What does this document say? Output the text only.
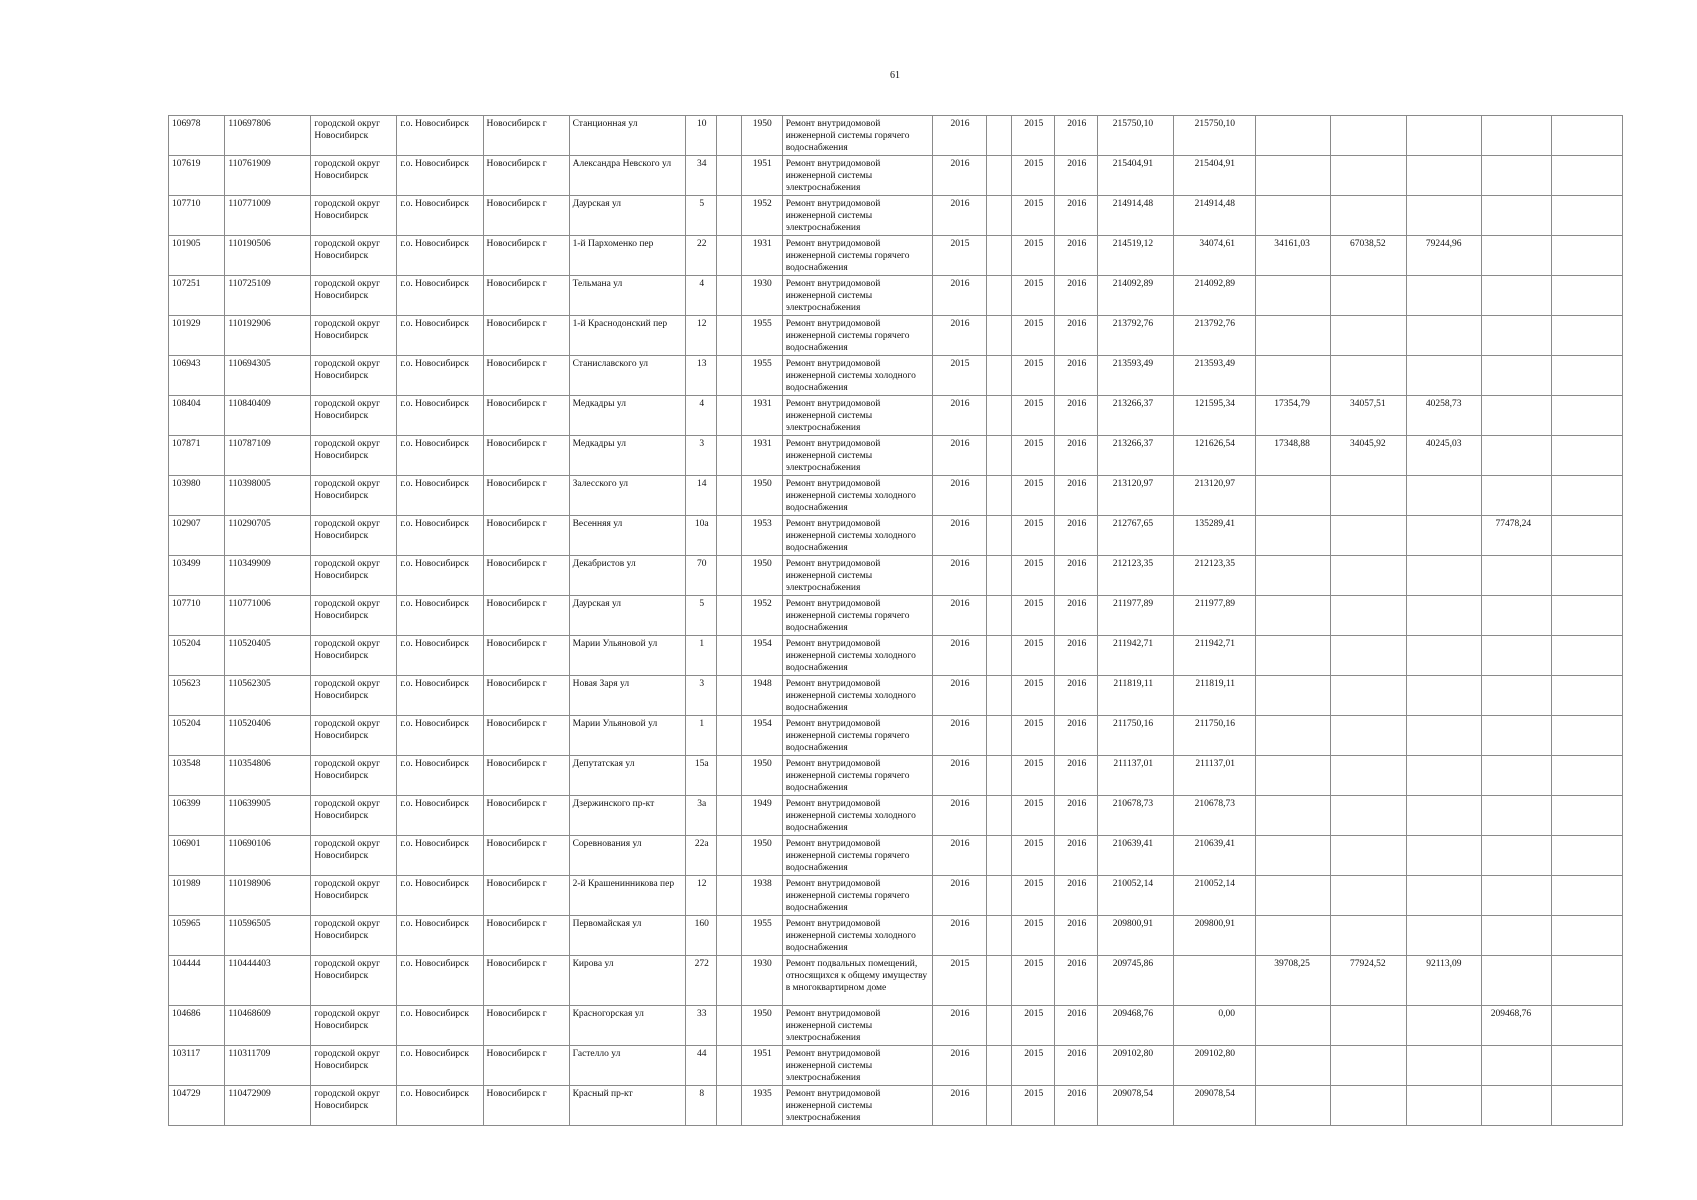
61
106978	110697806	городской округ Новосибирск	г.о. Новосибирск	Новосибирск г	Станционная ул	10		1950	Ремонт внутридомовой инженерной системы горячего водоснабжения	2016		2015	2016	215750,10	215750,10					
107619	110761909	городской округ Новосибирск	г.о. Новосибирск	Новосибирск г	Александра Невского ул	34		1951	Ремонт внутридомовой инженерной системы электроснабжения	2016		2015	2016	215404,91	215404,91					
107710	110771009	городской округ Новосибирск	г.о. Новосибирск	Новосибирск г	Даурская ул	5		1952	Ремонт внутридомовой инженерной системы электроснабжения	2016		2015	2016	214914,48	214914,48					
101905	110190506	городской округ Новосибирск	г.о. Новосибирск	Новосибирск г	1-й Пархоменко пер	22		1931	Ремонт внутридомовой инженерной системы горячего водоснабжения	2015		2015	2016	214519,12	34074,61	34161,03	67038,52	79244,96		
107251	110725109	городской округ Новосибирск	г.о. Новосибирск	Новосибирск г	Тельмана ул	4		1930	Ремонт внутридомовой инженерной системы электроснабжения	2016		2015	2016	214092,89	214092,89					
101929	110192906	городской округ Новосибирск	г.о. Новосибирск	Новосибирск г	1-й Краснодонский пер	12		1955	Ремонт внутридомовой инженерной системы горячего водоснабжения	2016		2015	2016	213792,76	213792,76					
106943	110694305	городской округ Новосибирск	г.о. Новосибирск	Новосибирск г	Станиславского ул	13		1955	Ремонт внутридомовой инженерной системы холодного водоснабжения	2015		2015	2016	213593,49	213593,49					
108404	110840409	городской округ Новосибирск	г.о. Новосибирск	Новосибирск г	Медкадры ул	4		1931	Ремонт внутридомовой инженерной системы электроснабжения	2016		2015	2016	213266,37	121595,34	17354,79	34057,51	40258,73		
107871	110787109	городской округ Новосибирск	г.о. Новосибирск	Новосибирск г	Медкадры ул	3		1931	Ремонт внутридомовой инженерной системы электроснабжения	2016		2015	2016	213266,37	121626,54	17348,88	34045,92	40245,03		
103980	110398005	городской округ Новосибирск	г.о. Новосибирск	Новосибирск г	Залесского ул	14		1950	Ремонт внутридомовой инженерной системы холодного водоснабжения	2016		2015	2016	213120,97	213120,97					
102907	110290705	городской округ Новосибирск	г.о. Новосибирск	Новосибирск г	Весенняя ул	10а		1953	Ремонт внутридомовой инженерной системы холодного водоснабжения	2016		2015	2016	212767,65	135289,41				77478,24	
103499	110349909	городской округ Новосибирск	г.о. Новосибирск	Новосибирск г	Декабристов ул	70		1950	Ремонт внутридомовой инженерной системы электроснабжения	2016		2015	2016	212123,35	212123,35					
107710	110771006	городской округ Новосибирск	г.о. Новосибирск	Новосибирск г	Даурская ул	5		1952	Ремонт внутридомовой инженерной системы горячего водоснабжения	2016		2015	2016	211977,89	211977,89					
105204	110520405	городской округ Новосибирск	г.о. Новосибирск	Новосибирск г	Марии Ульяновой ул	1		1954	Ремонт внутридомовой инженерной системы холодного водоснабжения	2016		2015	2016	211942,71	211942,71					
105623	110562305	городской округ Новосибирск	г.о. Новосибирск	Новосибирск г	Новая Заря ул	3		1948	Ремонт внутридомовой инженерной системы холодного водоснабжения	2016		2015	2016	211819,11	211819,11					
105204	110520406	городской округ Новосибирск	г.о. Новосибирск	Новосибирск г	Марии Ульяновой ул	1		1954	Ремонт внутридомовой инженерной системы горячего водоснабжения	2016		2015	2016	211750,16	211750,16					
103548	110354806	городской округ Новосибирск	г.о. Новосибирск	Новосибирск г	Депутатская ул	15а		1950	Ремонт внутридомовой инженерной системы горячего водоснабжения	2016		2015	2016	211137,01	211137,01					
106399	110639905	городской округ Новосибирск	г.о. Новосибирск	Новосибирск г	Дзержинского пр-кт	3а		1949	Ремонт внутридомовой инженерной системы холодного водоснабжения	2016		2015	2016	210678,73	210678,73					
106901	110690106	городской округ Новосибирск	г.о. Новосибирск	Новосибирск г	Соревнования ул	22а		1950	Ремонт внутридомовой инженерной системы горячего водоснабжения	2016		2015	2016	210639,41	210639,41					
101989	110198906	городской округ Новосибирск	г.о. Новосибирск	Новосибирск г	2-й Крашенинникова пер	12		1938	Ремонт внутридомовой инженерной системы горячего водоснабжения	2016		2015	2016	210052,14	210052,14					
105965	110596505	городской округ Новосибирск	г.о. Новосибирск	Новосибирск г	Первомайская ул	160		1955	Ремонт внутридомовой инженерной системы холодного водоснабжения	2016		2015	2016	209800,91	209800,91					
104444	110444403	городской округ Новосибирск	г.о. Новосибирск	Новосибирск г	Кирова ул	272		1930	Ремонт подвальных помещений, относящихся к общему имуществу в многоквартирном доме	2015		2015	2016	209745,86		39708,25	77924,52	92113,09		
104686	110468609	городской округ Новосибирск	г.о. Новосибирск	Новосибирск г	Красногорская ул	33		1950	Ремонт внутридомовой инженерной системы электроснабжения	2016		2015	2016	209468,76	0,00				209468,76	
103117	110311709	городской округ Новосибирск	г.о. Новосибирск	Новосибирск г	Гастелло ул	44		1951	Ремонт внутридомовой инженерной системы электроснабжения	2016		2015	2016	209102,80	209102,80					
104729	110472909	городской округ Новосибирск	г.о. Новосибирск	Новосибирск г	Красный пр-кт	8		1935	Ремонт внутридомовой инженерной системы электроснабжения	2016		2015	2016	209078,54	209078,54					
